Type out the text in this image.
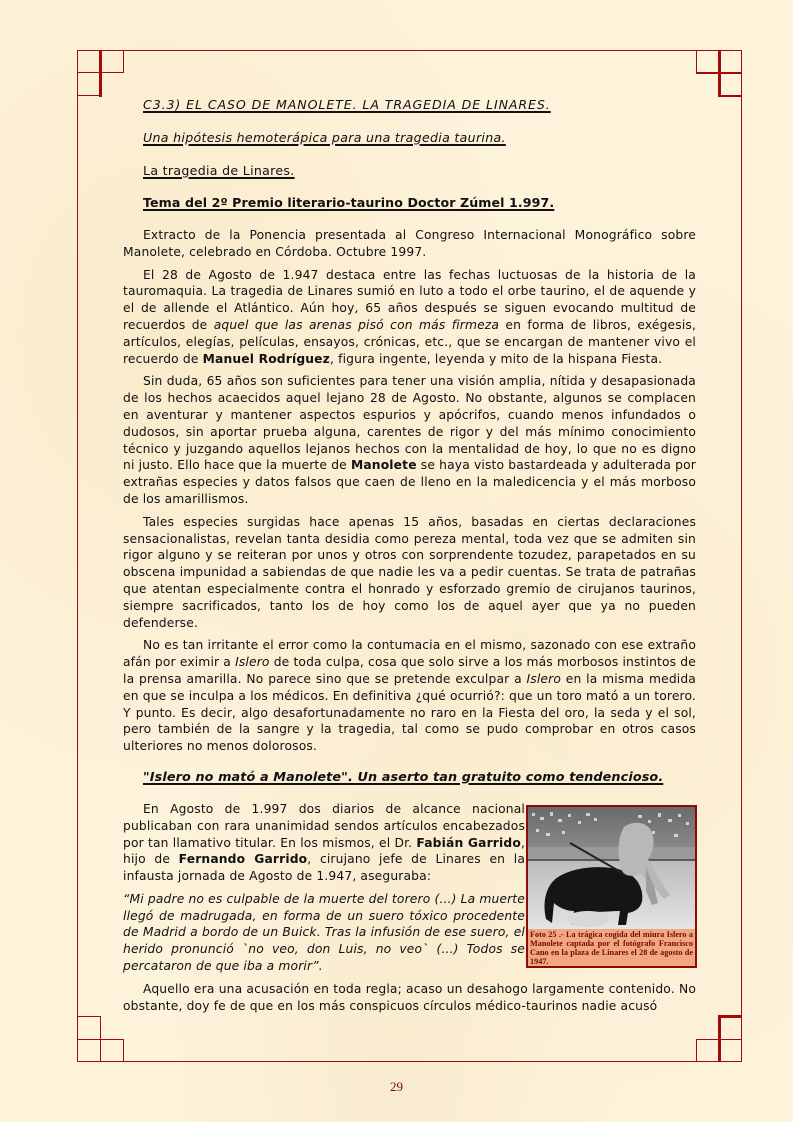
C3.3) EL CASO DE MANOLETE. LA TRAGEDIA DE LINARES.
Una hipótesis hemoterápica para una tragedia taurina.
La tragedia de Linares.
Tema del 2º Premio literario-taurino Doctor Zúmel 1.997.

Extracto de la Ponencia presentada al Congreso Internacional Monográfico sobre Manolete, celebrado en Córdoba. Octubre 1997.

El 28 de Agosto de 1.947 destaca entre las fechas luctuosas de la historia de la tauromaquia. La tragedia de Linares sumió en luto a todo el orbe taurino, el de aquende y el de allende el Atlántico. Aún hoy, 65 años después se siguen evocando multitud de recuerdos de aquel que las arenas pisó con más firmeza en forma de libros, exégesis, artículos, elegías, películas, ensayos, crónicas, etc., que se encargan de mantener vivo el recuerdo de Manuel Rodríguez, figura ingente, leyenda y mito de la hispana Fiesta.

Sin duda, 65 años son suficientes para tener una visión amplia, nítida y desapasionada de los hechos acaecidos aquel lejano 28 de Agosto. No obstante, algunos se complacen en aventurar y mantener aspectos espurios y apócrifos, cuando menos infundados o dudosos, sin aportar prueba alguna, carentes de rigor y del más mínimo conocimiento técnico y juzgando aquellos lejanos hechos con la mentalidad de hoy, lo que no es digno ni justo. Ello hace que la muerte de Manolete se haya visto bastardeada y adulterada por extrañas especies y datos falsos que caen de lleno en la maledicencia y el más morboso de los amarillismos.

Tales especies surgidas hace apenas 15 años, basadas en ciertas declaraciones sensacionalistas, revelan tanta desidia como pereza mental, toda vez que se admiten sin rigor alguno y se reiteran por unos y otros con sorprendente tozudez, parapetados en su obscena impunidad a sabiendas de que nadie les va a pedir cuentas. Se trata de patrañas que atentan especialmente contra el honrado y esforzado gremio de cirujanos taurinos, siempre sacrificados, tanto los de hoy como los de aquel ayer que ya no pueden defenderse.

No es tan irritante el error como la contumacia en el mismo, sazonado con ese extraño afán por eximir a Islero de toda culpa, cosa que solo sirve a los más morbosos instintos de la prensa amarilla. No parece sino que se pretende exculpar a Islero en la misma medida en que se inculpa a los médicos. En definitiva ¿qué ocurrió?: que un toro mató a un torero. Y punto. Es decir, algo desafortunadamente no raro en la Fiesta del oro, la seda y el sol, pero también de la sangre y la tragedia, tal como se pudo comprobar en otros casos ulteriores no menos dolorosos.

"Islero no mató a Manolete". Un aserto tan gratuito como tendencioso.

En Agosto de 1.997 dos diarios de alcance nacional publicaban con rara unanimidad sendos artículos encabezados por tan llamativo titular. En los mismos, el Dr. Fabián Garrido, hijo de Fernando Garrido, cirujano jefe de Linares en la infausta jornada de Agosto de 1.947, aseguraba:

“Mi padre no es culpable de la muerte del torero (...) La muerte llegó de madrugada, en forma de un suero tóxico procedente de Madrid a bordo de un Buick. Tras la infusión de ese suero, el herido pronunció `no veo, don Luis, no veo` (...) Todos se percataron de que iba a morir”.

Aquello era una acusación en toda regla; acaso un desahogo largamente contenido. No obstante, doy fe de que en los más conspicuos círculos médico-taurinos nadie acusó

Foto 25 .- La trágica cogida del miura Islero a Manolete captada por el fotógrafo Francisco Cano en la plaza de Linares el 28 de agosto de 1947.
29
